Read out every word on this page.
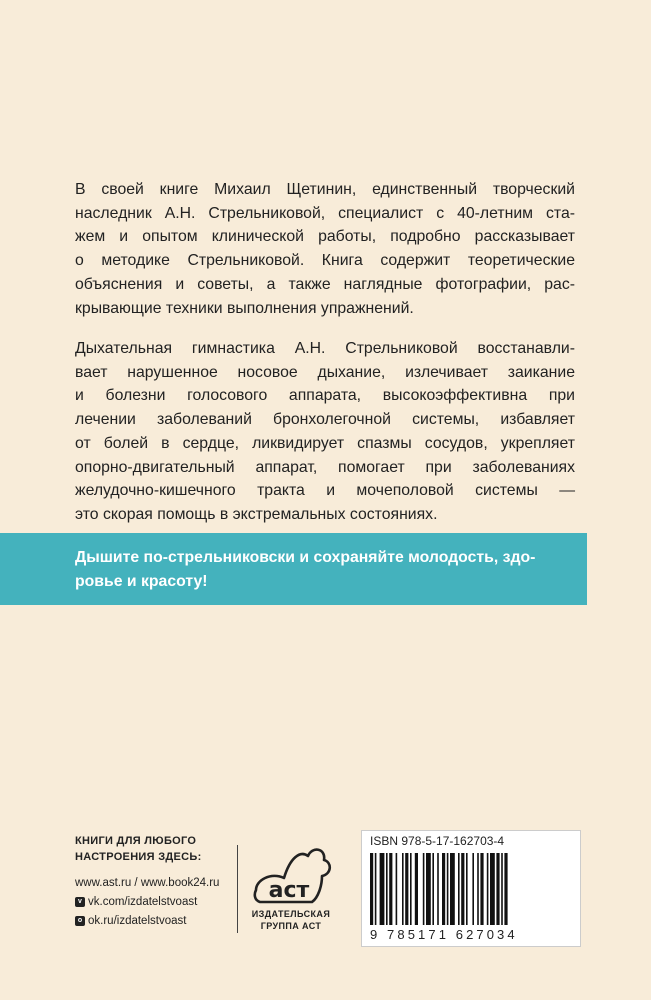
В своей книге Михаил Щетинин, единственный творческий
наследник А.Н. Стрельниковой, специалист с 40-летним ста-
жем и опытом клинической работы, подробно рассказывает
о методике Стрельниковой. Книга содержит теоретические
объяснения и советы, а также наглядные фотографии, рас-
крывающие техники выполнения упражнений.
Дыхательная гимнастика А.Н. Стрельниковой восстанавли-
вает нарушенное носовое дыхание, излечивает заикание
и болезни голосового аппарата, высокоэффективна при
лечении заболеваний бронхолегочной системы, избавляет
от болей в сердце, ликвидирует спазмы сосудов, укрепляет
опорно-двигательный аппарат, помогает при заболеваниях
желудочно-кишечного тракта и мочеполовой системы —
это скорая помощь в экстремальных состояниях.
Дышите по-стрельниковски и сохраняйте молодость, здо-
ровье и красоту!
КНИГИ ДЛЯ ЛЮБОГО
НАСТРОЕНИЯ ЗДЕСЬ:
www.ast.ru / www.book24.ru
v vk.com/izdatelstvoast
o ok.ru/izdatelstvoast
аст
ИЗДАТЕЛЬСКАЯ
ГРУППА АСТ
ISBN 978-5-17-162703-4
9 785171 627034
